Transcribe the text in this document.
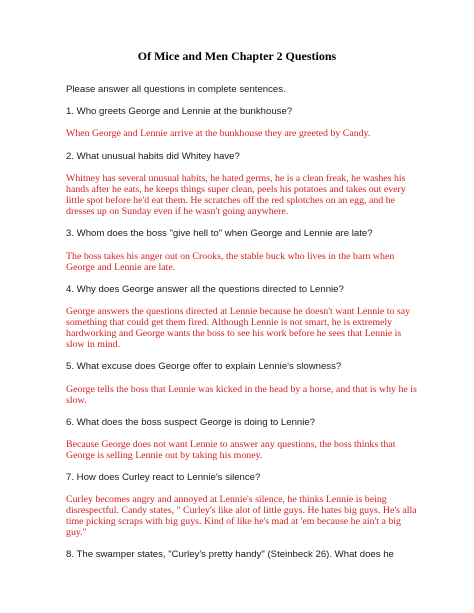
Of Mice and Men Chapter 2 Questions
Please answer all questions in complete sentences.
1. Who greets George and Lennie at the bunkhouse?
When George and Lennie arrive at the bunkhouse they are greeted by Candy.
2. What unusual habits did Whitey have?
Whitney has several unusual habits, he hated germs, he is a clean freak, he washes his
hands after he eats, he keeps things super clean, peels his potatoes and takes out every
little spot before he'd eat them. He scratches off the red splotches on an egg, and he
dresses up on Sunday even if he wasn't going anywhere.
3. Whom does the boss "give hell to" when George and Lennie are late?
The boss takes his anger out on Crooks, the stable buck who lives in the barn when
George and Lennie are late.
4. Why does George answer all the questions directed to Lennie?
George answers the questions directed at Lennie because he doesn't want Lennie to say
something that could get them fired. Although Lennie is not smart, he is extremely
hardworking and George wants the boss to see his work before he sees that Lennie is
slow in mind.
5. What excuse does George offer to explain Lennie's slowness?
George tells the boss that Lennie was kicked in the head by a horse, and that is why he is
slow.
6. What does the boss suspect George is doing to Lennie?
Because George does not want Lennie to answer any questions, the boss thinks that
George is selling Lennie out by taking his money.
7. How does Curley react to Lennie's silence?
Curley becomes angry and annoyed at Lennie's silence, he thinks Lennie is being
disrespectful. Candy states, " Curley's like alot of little guys. He hates big guys. He's alla
time picking scraps with big guys. Kind of like he's mad at 'em because he ain't a big
guy."
8. The swamper states, "Curley's pretty handy" (Steinbeck 26). What does he
